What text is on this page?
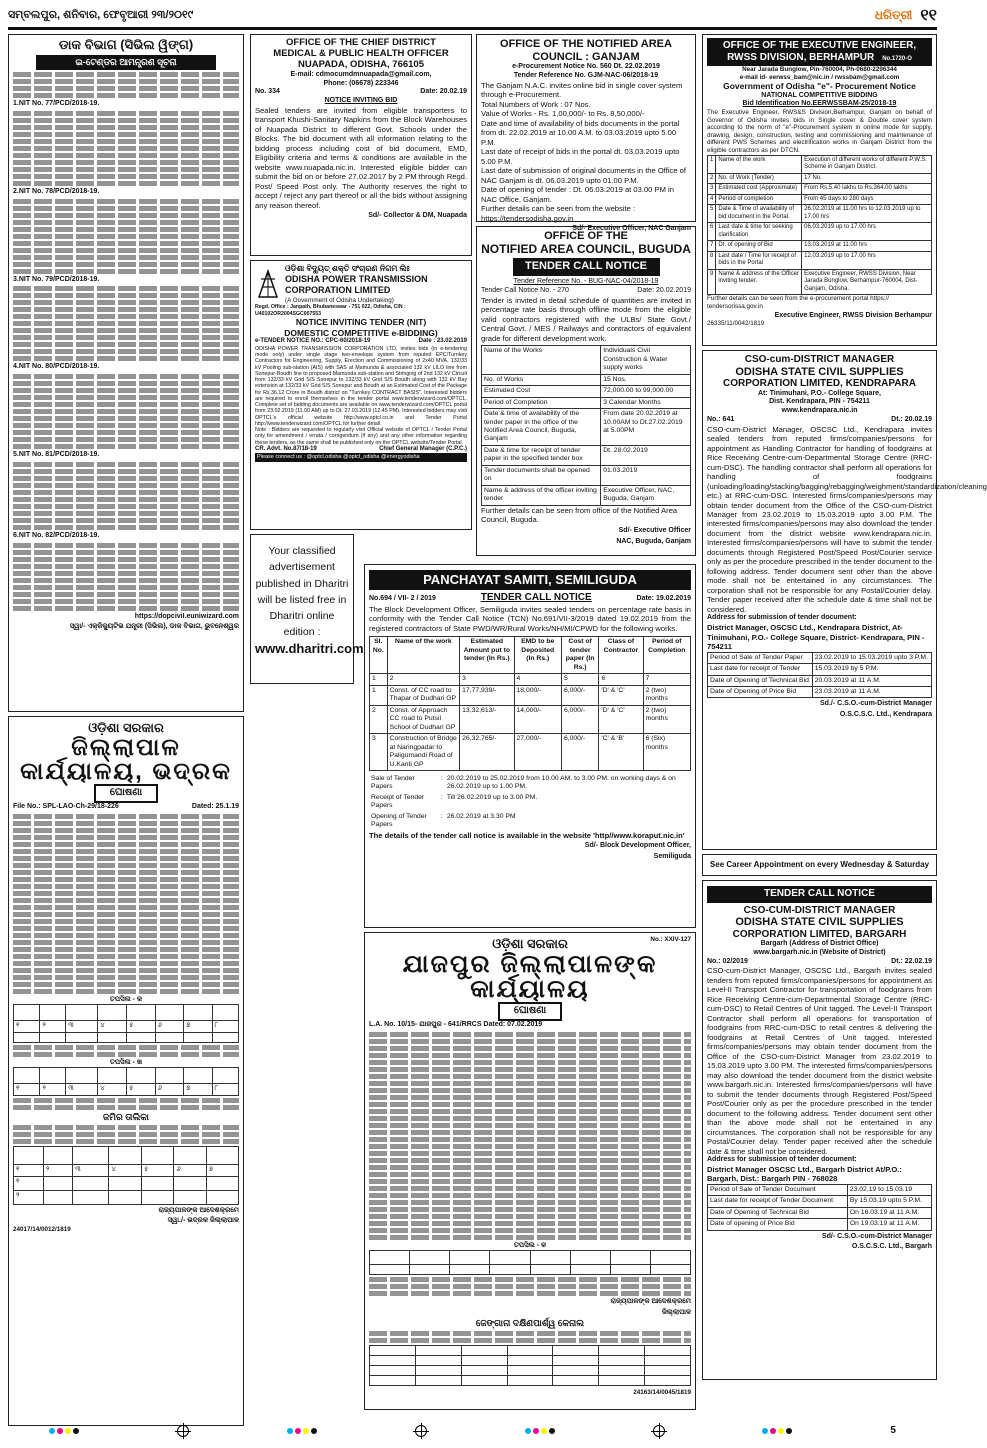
ସମ୍ବଲପୁର, ଶନିବାର, ଫେବୃଆରୀ ୨୩/୨୦୧୯	ଧରିତ୍ରୀ ୧୧
ଡାକ ବିଭାଗ (ସିଭିଲ ୱିଙ୍ଗ)
ଇ-ଟେଣ୍ଡର ଆମନ୍ତ୍ରଣ ସୂଚନା
1.NIT No. 77/PCD/2018-19.
2.NIT No. 78/PCD/2018-19.
3.NIT No. 79/PCD/2018-19.
4.NIT No. 80/PCD/2018-19.
5.NIT No. 81/PCD/2018-19.
6.NIT No. 82/PCD/2018-19.
https://dopciviI.euniwizard.com
ସ୍ୱା/- ଏକ୍ଜିକ୍ୟୁଟିଭ ଯନ୍ତ୍ରୀ (ସିଭିଲ), ଡାକ ବିଭାଗ, ଭୁବନେଶ୍ୱର
ଓଡ଼ିଶା ସରକାର
ଜିଲ୍ଲାପାଳ କାର୍ଯ୍ୟାଳୟ, ଭଦ୍ରକ
ଘୋଷଣା
File No.: SPL-LAO-Ch-29/18-226	Dated: 25.1.19
ତପସିଲ - କ

୧	୨	୩	୪	୫	୬	୭	୮

ତପସିଲ - ଖ

୧	୨	୩	୪	୫	୬	୭	୮
ଜମିର ତାଲିକା

୧	୨	୩	୪	୫	୬	୭
୧						
୨						
ରାଜ୍ୟପାଳଙ୍କ ଆଦେଶକ୍ରମେ
ସ୍ୱା./- ଭଦ୍ରକ ଜିଲ୍ଲାପାଳ
24017/14/0012/1819
OFFICE OF THE CHIEF DISTRICT
MEDICAL & PUBLIC HEALTH OFFICER
NUAPADA, ODISHA, 766105
E-mail: cdmocumdmnuapada@gmail.com,
Phone: (06678) 223346
No. 334	Date: 20.02.19
NOTICE INVITING BID
Sealed tenders are invited from eligible transporters to transport Khushi-Sanitary Napkins from the Block Warehouses of Nuapada District to different Govt. Schools under the Blocks. The bid document with all information relating to the bidding process including cost of bid document, EMD, Eligibility criteria and terms & conditions are available in the website www.nuapada.nic.in. Interested eligible bidder can submit the bid on or before 27.02.2017 by 2 PM through Regd. Post/ Speed Post only. The Authority reserves the right to accept / reject any part thereof or all the bids without assigning any reason thereof.
Sd/- Collector & DM, Nuapada
ଓଡ଼ିଶା ବିଦ୍ୟୁତ୍ ଶକ୍ତି ସଂଚାରଣ ନିଗମ ଲିଃ
ODISHA POWER TRANSMISSION CORPORATION LIMITED
(A Government of Odisha Undertaking)
Regd. Office : Janpath, Bhubaneswar - 751 022, Odisha, CIN : U40102OR2004SGC007553
NOTICE INVITING TENDER (NIT)
DOMESTIC COMPETITIVE e-BIDDING)
e-TENDER NOTICE NO.: CPC-60/2018-19	Date : 23.02.2019
ODISHA POWER TRANSMISSION CORPORATION LTD, invites bids (in e-tendering mode only) under single stage two-envelope system from reputed EPC/Turnkey Contractors for Engineering, Supply, Erection and Commissioning of 2x40 MVA, 132/33 kV Pooling sub-station (AIS) with SAS at Mamunda & associated 132 kV LILO line from Sonepur-Boudh line to proposed Mamunda sub-station and Stringing of 2nd 132 kV Circuit from 132/33 kV Grid S/S Sonepur to 132/33 kV Grid S/S Boudh along with 132 kV Bay extension at 132/33 kV Grid S/S Sonepur and Boudh at an Estimated Cost of the Package for Rs.36.12 Crore in Boudh district on "Turnkey CONTRACT BASIS". Interested bidders are required to enroll themselves in the tender portal www.tenderwizard.com/OPTCL. Complete set of bidding documents are available on www.tenderwizard.com/OPTCL portal from 23.02.2019 (11.00 AM) up to Dt. 27.03.2019 (12.45 PM). Interested bidders may visit OPTCL's official website http://www.optcl.co.in and Tender Portal http://www.tenderwizard.com/OPTCL for further detail.
Note : Bidders are requested to regularly visit Official website of OPTCL / Tender Portal only for amendment / errata / corrigendum (if any) and any other information regarding these tenders, as the same shall be published only on the OPTCL website/Tender Portal.
CR. Advt. No.87/18-19	Chief General Manager (C.P.C.)
Please connect us : @optcl.odisha @optcl_odisha @energyodisha
Your classified advertisement published in Dharitri will be listed free in Dharitri online edition :
www.dharitri.com
OFFICE OF THE NOTIFIED AREA
COUNCIL : GANJAM
e-Procurement Notice No. 560 Dt. 22.02.2019
Tender Reference No. GJM-NAC-06/2018-19
The Ganjam N.A.C. invites online bid in single cover system through e-Procurement.
Total Numbers of Work : 07 Nos.
Value of Works - Rs. 1,00,000/- to Rs. 8,50,000/-
Date and time of availability of bids documents in the portal from dt. 22.02.2019 at 10.00 A.M. to 03.03.2019 upto 5.00 P.M.
Last date of receipt of bids in the portal dt. 03.03.2019 upto 5.00 P.M.
Last date of submission of original documents in the Office of NAC Ganjam is dt. 06.03.2019 upto 01.00 P.M.
Date of opening of tender : Dt. 06.03.2019 at 03.00 PM in NAC Office, Ganjam.
Further details can be seen from the website : https://tendersodisha.gov.in
Sd/- Executive Officer, NAC Ganjam
OFFICE OF THE
NOTIFIED AREA COUNCIL, BUGUDA
TENDER CALL NOTICE
Tender Reference No. - BUG-NAC-04/2018-19
Tender Call Notice No. - 270	Date: 20.02.2019
Tender is invited in detail schedule of quantities are invited in percentage rate basis through offline mode from the eligible valid contractors registered with the ULBs/ State Govt./ Central Govt. / MES / Railways and contractors of equivalent grade for different development work.
Name of the Works	Individuals Civil Construction & Water supply works
No. of Works	15 Nos.
Estimated Cost	72,000.00 to 99,000.00
Period of Completion	3 Calendar Months
Date & time of availability of the tender paper in the office of the Notified Area Council, Buguda, Ganjam	From date 20.02.2019 at 10.00AM to Dt.27.02.2019 at 5.00PM
Date & time for receipt of tender paper in the specified tender box	Dt. 28.02.2019
Tender documents shall be opened on	01.03.2019
Name & address of the officer inviting tender	Executive Officer, NAC, Buguda, Ganjam
Further details can be seen from office of the Notified Area Council, Buguda.
Sd/- Executive Officer
NAC, Buguda, Ganjam
PANCHAYAT SAMITI, SEMILIGUDA
No.694 / VII- 2 / 2019	TENDER CALL NOTICE	Date: 19.02.2019
The Block Development Officer, Semiliguda invites sealed tenders on percentage rate basis in conformity with the Tender Call Notice (TCN) No.691/VII-3/2019 dated 19.02.2019 from the registered contractors of State PWD/WR/Rural Works/NH/MI/CPWD for the following works.
Sl. No.	Name of the work	Estimated Amount put to tender (In Rs.)	EMD to be Deposited (In Rs.)	Cost of tender paper (In Rs.)	Class of Contractor	Period of Completion
1	2	3	4	5	6	7
1	Const. of CC road to Thapar of Dudhari GP	17,77,939/-	18,000/-	6,000/-	'D' & 'C'	2 (two) months
2	Const. of Approach CC road to Putsil School of Dudhari GP	13,32,613/-	14,000/-	6,000/-	'D' & 'C'	2 (two) months
3	Construction of Bridge at Naringpadar to Paligumandi Road of U.Kanti GP	26,32,765/-	27,000/-	6,000/-	'C' & 'B'	6 (Six) months
Sale of Tender Papers	:	20.02.2019 to 25.02.2019 from 10.00 AM. to 3.00 PM. on working days & on 26.02.2019 up to 1.00 PM.
Receipt of Tender Papers	:	Till 26.02.2019 up to 3.00 PM.
Opening of Tender Papers	:	26.02.2019 at 3.30 PM
The details of the tender call notice is available in the website 'http//www.koraput.nic.in'
Sd/- Block Development Officer,
Semiliguda
ଓଡ଼ିଶା ସରକାର	No.: XXIV-127
ଯାଜପୁର ଜିଲ୍ଲାପାଳଙ୍କ କାର୍ଯ୍ୟାଳୟ
ଘୋଷଣା
L.A. No. 10/15- ଯାଜପୁର - 641/RRCS Dated: 07.02.2019
ତପସିଲ - କ

ରାଜ୍ୟପାଳଙ୍କ ଆଦେଶକ୍ରମେ
ଜିଲ୍ଲାପାଳ
ଜେଙ୍ଗାନା ଦକ୍ଷିଣପାର୍ଶ୍ୱ କେନାଲ

24163/14/0045/1819
OFFICE OF THE EXECUTIVE ENGINEER,
RWSS DIVISION, BERHAMPUR No.1720-O
Near Jarada Bunglow, Pin-760004, Ph-0680-2296344
e-mail id- eerwss_bam@nic.in / rwssbam@gmail.com
Government of Odisha "e"- Procurement Notice
NATIONAL COMPETITIVE BIDDING
Bid Identification No.EERWSSBAM-25/2018-19
The Executive Engineer, RWS&S Division,Berhampur, Ganjam on behalf of Governor of Odisha invites bids in Single cover & Double cover system according to the norm of "e"-Procurement system in online mode for supply, drawing, design, construction, testing and commissioning and maintenance of different PWS Schemes and electrification works in Ganjam District from the eligible contractors as per DTCN.
1	Name of the work	Execution of different works of different P.W.S. Scheme in Ganjam District.
2	No. of Work (Tender)	17 No.
3	Estimated cost (Approximate)	From Rs.5.40 lakhs to Rs.364.00 lakhs
4	Period of completion	From 45 days to 280 days
5	Date & Time of availability of bid document in the Portal.	26.02.2019 at 11.00 hrs to 12.03.2019 up to 17.00 hrs
6	Last date & time for seeking clarification	06.03.2019 up to 17.00 hrs
7	Dt. of opening of Bid	13.03.2019 at 11.00 hrs
8	Last date / Time for receipt of bids in the Portal	12.03.2019 up to 17.00 hrs
9	Name & address of the Officer inviting tender.	Executive Engineer, RWSS Division, Near Jarada Bunglow, Berhampur-760004, Dist-Ganjam, Odisha.
Further details can be seen from the e-procurement portal https:// tendersorissa.gov.in
Executive Engineer, RWSS Division Berhampur
26335/11/0042/1819
CSO-cum-DISTRICT MANAGER
ODISHA STATE CIVIL SUPPLIES
CORPORATION LIMITED, KENDRAPARA
At: Tinimuhani, P.O.- College Square,
Dist. Kendrapara, PIN - 754211
www.kendrapara.nic.in
No.: 641	Dt.: 20.02.19
CSO-cum-District Manager, OSCSC Ltd., Kendrapara invites sealed tenders from reputed firms/companies/persons for appointment as Handling Contractor for handling of foodgrains at Rice Receiving Centre-cum-Departmental Storage Centre (RRC-cum-DSC). The handling contractor shall perform all operations for handling of foodgrains (unloading/loading/stacking/bagging/rebagging/weighment/standardization/cleaning etc.) at RRC-cum-DSC. Interested firms/companies/persons may obtain tender document from the Office of the CSO-cum-District Manager from 23.02.2019 to 15.03.2019 upto 3.00 P.M. The interested firms/companies/persons may also download the tender document from the district website www.kendrapara.nic.in. Interested firms/companies/persons will have to submit the tender documents through Registered Post/Speed Post/Courier service only as per the procedure prescribed in the tender document to the following address. Tender document sent other than the above mode shall not be entertained in any circumstances. The corporation shall not be responsible for any Postal/Courier delay. Tender paper received after the schedule date & time shall not be considered.
Address for submission of tender document:
District Manager, OSCSC Ltd., Kendrapara District, At- Tinimuhani, P.O.- College Square, District- Kendrapara, PIN - 754211
Period of Sale of Tender Paper	23.02.2019 to 15.03.2019 upto 3 P.M.
Last date for receipt of Tender	15.03.2019 by 5 P.M.
Date of Opening of Technical Bid	20.03.2019 at 11 A.M.
Date of Opening of Price Bid	23.03.2019 at 11 A.M.
Sd./- C.S.O.-cum-District Manager
O.S.C.S.C. Ltd., Kendrapara
See Career Appointment on every Wednesday & Saturday
TENDER CALL NOTICE
CSO-CUM-DISTRICT MANAGER
ODISHA STATE CIVIL SUPPLIES
CORPORATION LIMITED, BARGARH
Bargarh (Address of District Office)
www.bargarh.nic.in (Website of District)
No.: 02/2019	Dt.: 22.02.19
CSO-cum-District Manager, OSCSC Ltd., Bargarh invites sealed tenders from reputed firms/companies/persons for appointment as Level-II Transport Contractor for transportation of foodgrains from Rice Receiving Centre-cum-Departmental Storage Centre (RRC-cum-DSC) to Retail Centres of Unit tagged. The Level-II Transport Contractor shall perform all operations for transportation of foodgrains from RRC-cum-DSC to retail centres & delivering the foodgrains at Retail Centres of Unit tagged. Interested firms/companies/persons may obtain tender document from the Office of the CSO-cum-District Manager from 23.02.2019 to 15.03.2019 upto 3.00 PM. The interested firms/companies/persons may also download the tender document from the district website www.bargarh.nic.in. Interested firms/companies/persons will have to submit the tender documents through Registered Post/Speed Post/Courier only as per the procedure prescribed in the tender document to the following address. Tender document sent other than the above mode shall not be entertained in any circumstances. The corporation shall not be responsible for any Postal/Courier delay. Tender paper received after the schedule date & time shall not be considered.
Address for submission of tender document:
District Manager OSCSC Ltd., Bargarh District At/P.O.: Bargarh, Dist.: Bargarh PIN - 768028
Period of Sale of Tender Document	23.02.19 to 15.03.19
Last date for receipt of Tender Document	By 15.03.19 upto 5 P.M.
Date of Opening of Technical Bid	On 16.03.19 at 11 A.M.
Date of opening of Price Bid	On 19.03.19 at 11 A.M.
Sd/- C.S.O.-cum-District Manager
O.S.C.S.C. Ltd., Bargarh
5
